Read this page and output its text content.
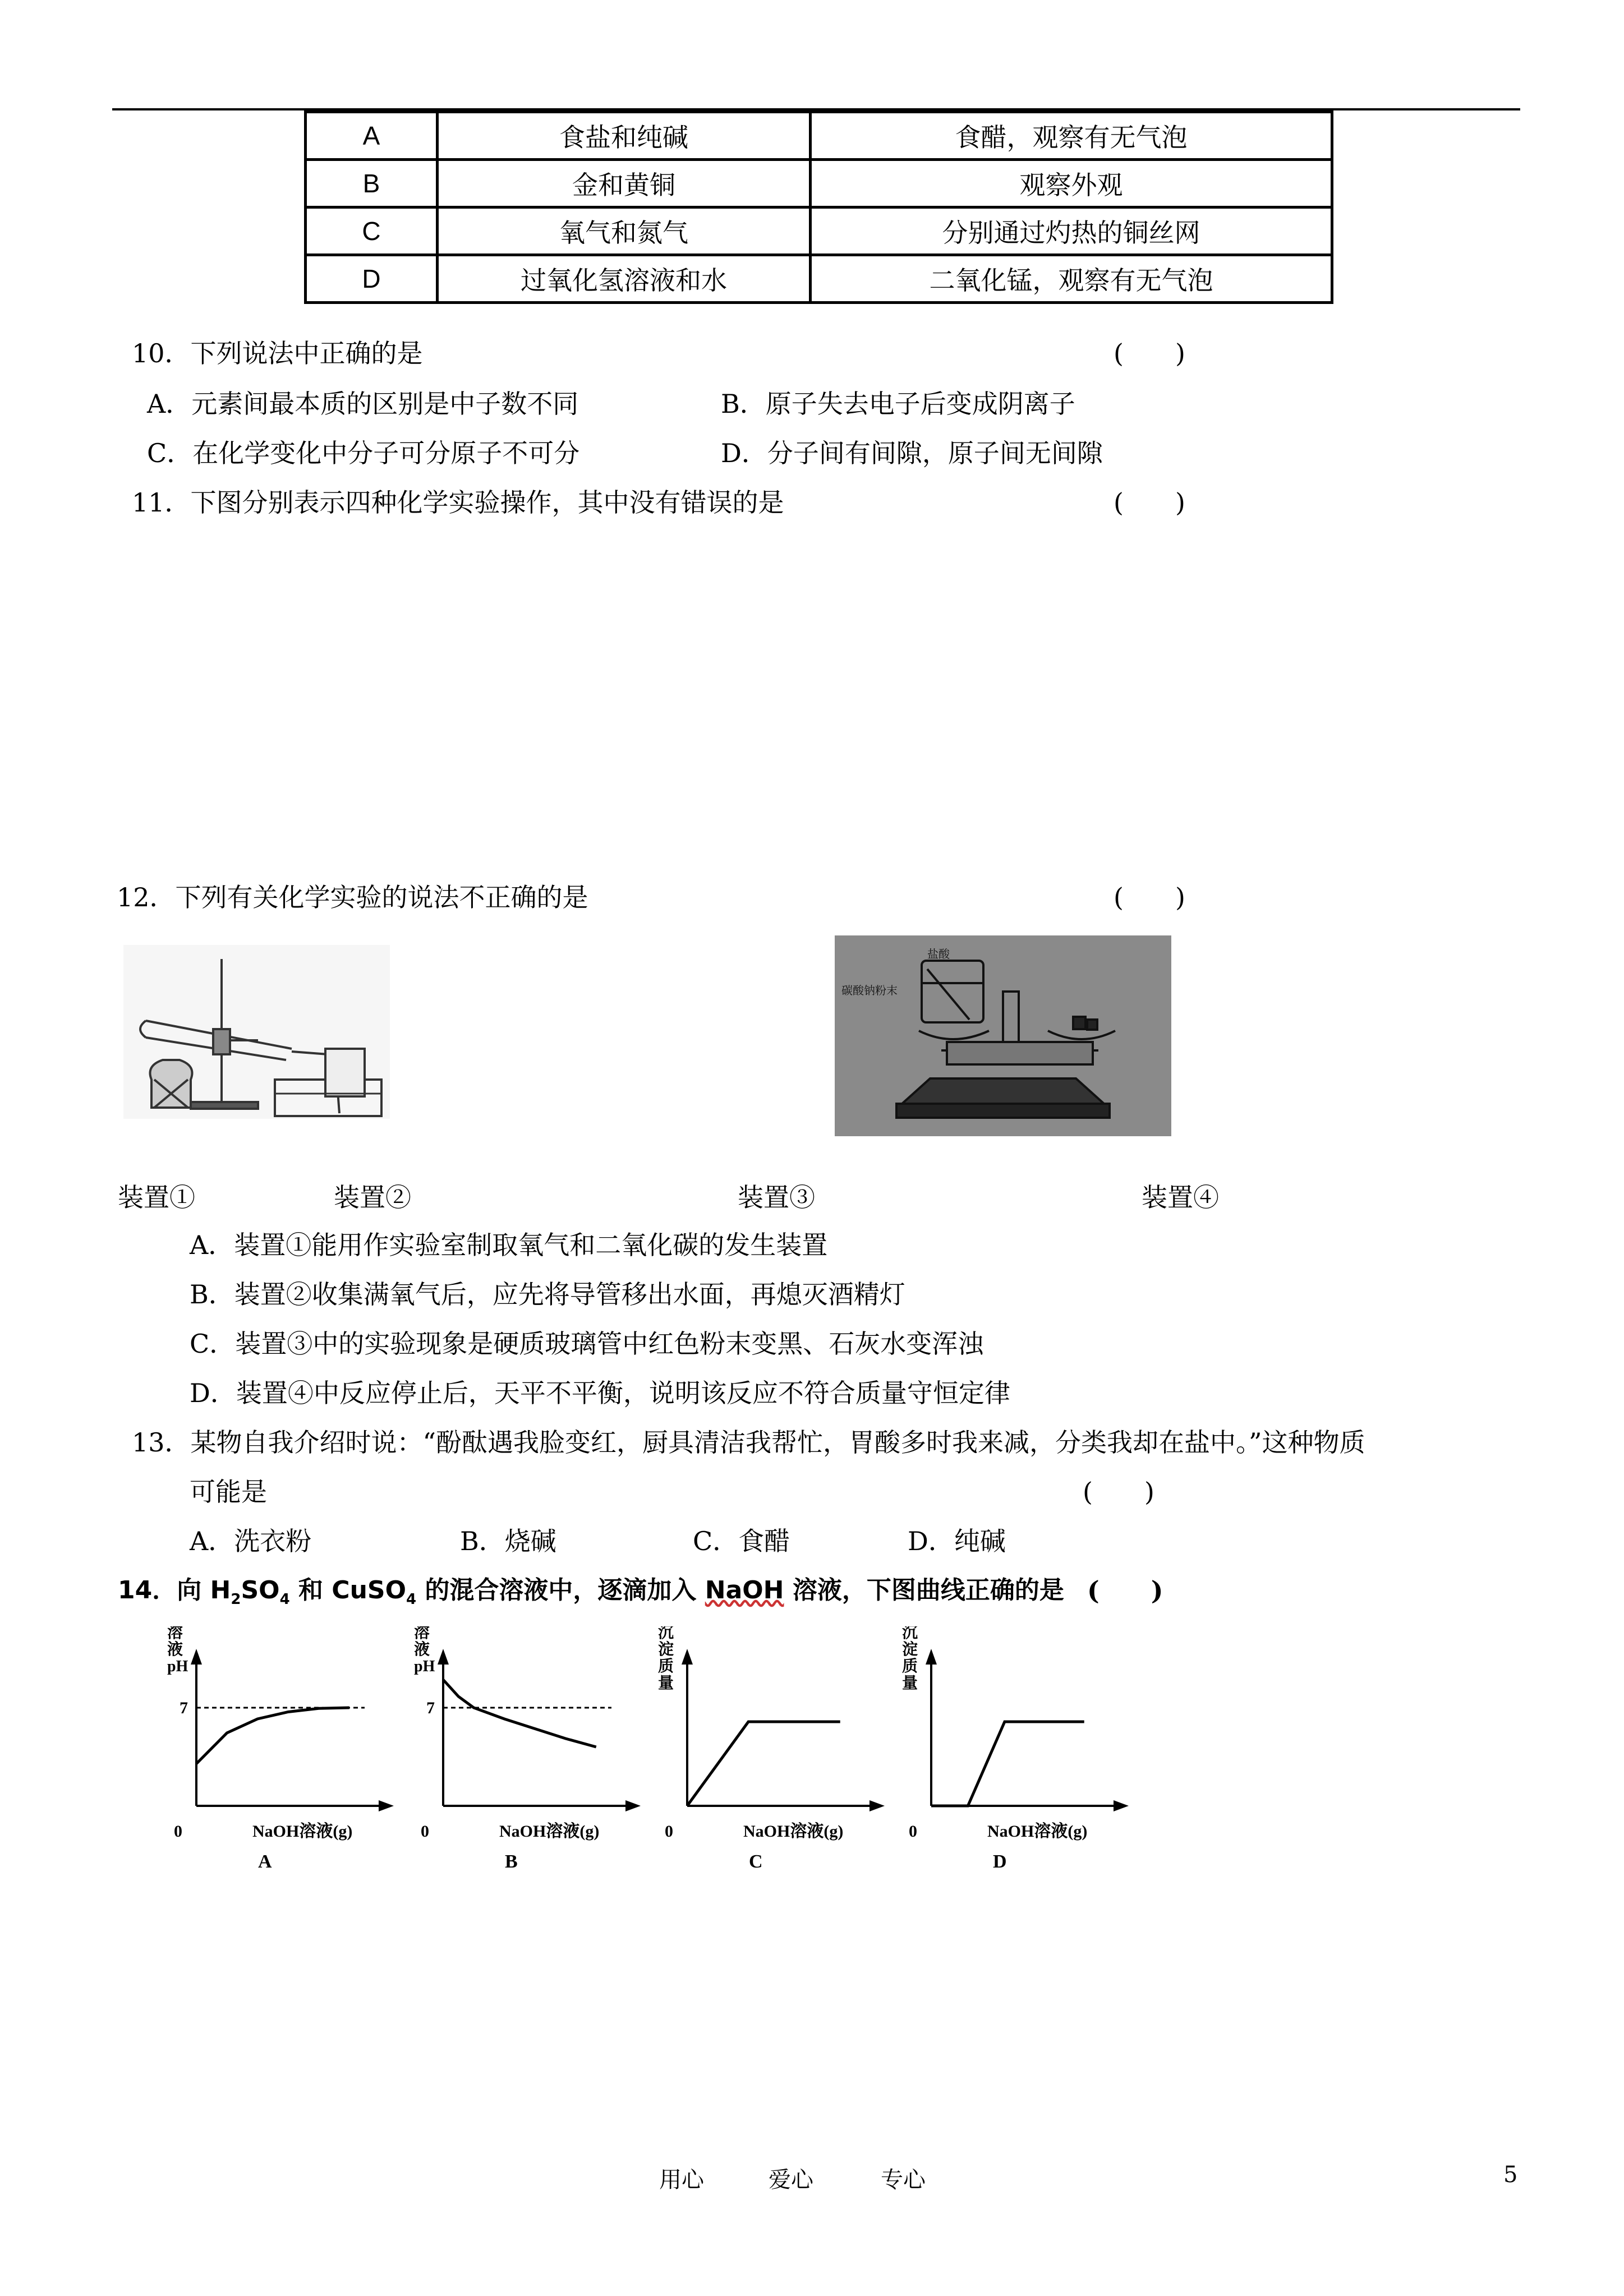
A	食盐和纯碱	食醋，观察有无气泡
B	金和黄铜	观察外观
C	氧气和氮气	分别通过灼热的铜丝网
D	过氧化氢溶液和水	二氧化锰，观察有无气泡
10．下列说法中正确的是	(　　)
A．元素间最本质的区别是中子数不同	B．原子失去电子后变成阴离子
C．在化学变化中分子可分原子不可分	D．分子间有间隙，原子间无间隙
11．下图分别表示四种化学实验操作，其中没有错误的是	(　　)
12．下列有关化学实验的说法不正确的是	(　　)
盐酸
碳酸钠粉末
装置①	装置②	装置③	装置④
A．装置①能用作实验室制取氧气和二氧化碳的发生装置
B．装置②收集满氧气后，应先将导管移出水面，再熄灭酒精灯
C．装置③中的实验现象是硬质玻璃管中红色粉末变黑、石灰水变浑浊
D．装置④中反应停止后，天平不平衡，说明该反应不符合质量守恒定律
13．某物自我介绍时说：“酚酞遇我脸变红，厨具清洁我帮忙，胃酸多时我来减，分类我却在盐中。”这种物质
可能是	(　　)
A．洗衣粉	B．烧碱	C．食醋	D．纯碱
14．向 $H_2SO_4$ 和 CuSO$_4$ 的混合溶液中，逐滴加入 NaOH 溶液，下图曲线正确的是 (　　)
溶
液
pH
0	NaOH溶液(g)
7
A
溶
液
pH
0	NaOH溶液(g)
7
B
沉
淀
质
量
0	NaOH溶液(g)
C
沉
淀
质
量
0	NaOH溶液(g)
D
用心	爱心	专心	5
